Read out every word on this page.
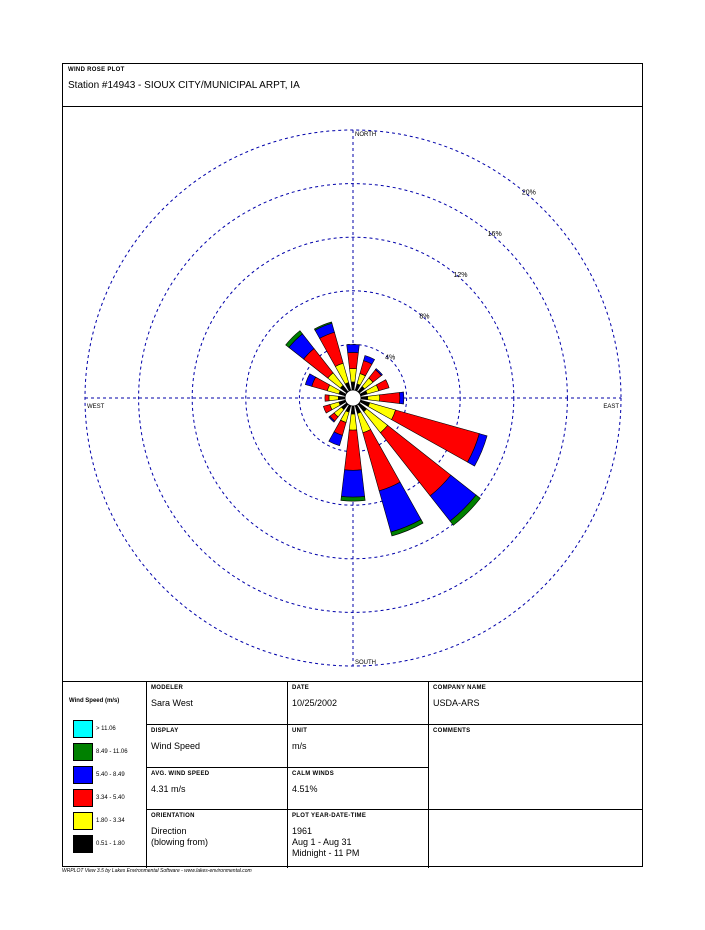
WIND ROSE PLOT
Station #14943 - SIOUX CITY/MUNICIPAL ARPT, IA
4%
8%
12%
16%
20%
NORTH
SOUTH
EAST
WEST
Wind Speed (m/s)
> 11.06
8.49 - 11.06
5.40 - 8.49
3.34 - 5.40
1.80 - 3.34
0.51 - 1.80
MODELER
Sara West
DATE
10/25/2002
COMPANY NAME
USDA-ARS
DISPLAY
Wind Speed
UNIT
m/s
COMMENTS
AVG. WIND SPEED
4.31 m/s
CALM WINDS
4.51%
ORIENTATION
Direction
(blowing from)
PLOT YEAR-DATE-TIME
1961
Aug 1 - Aug 31
Midnight - 11 PM
WRPLOT View 3.5 by Lakes Environmental Software - www.lakes-environmental.com
